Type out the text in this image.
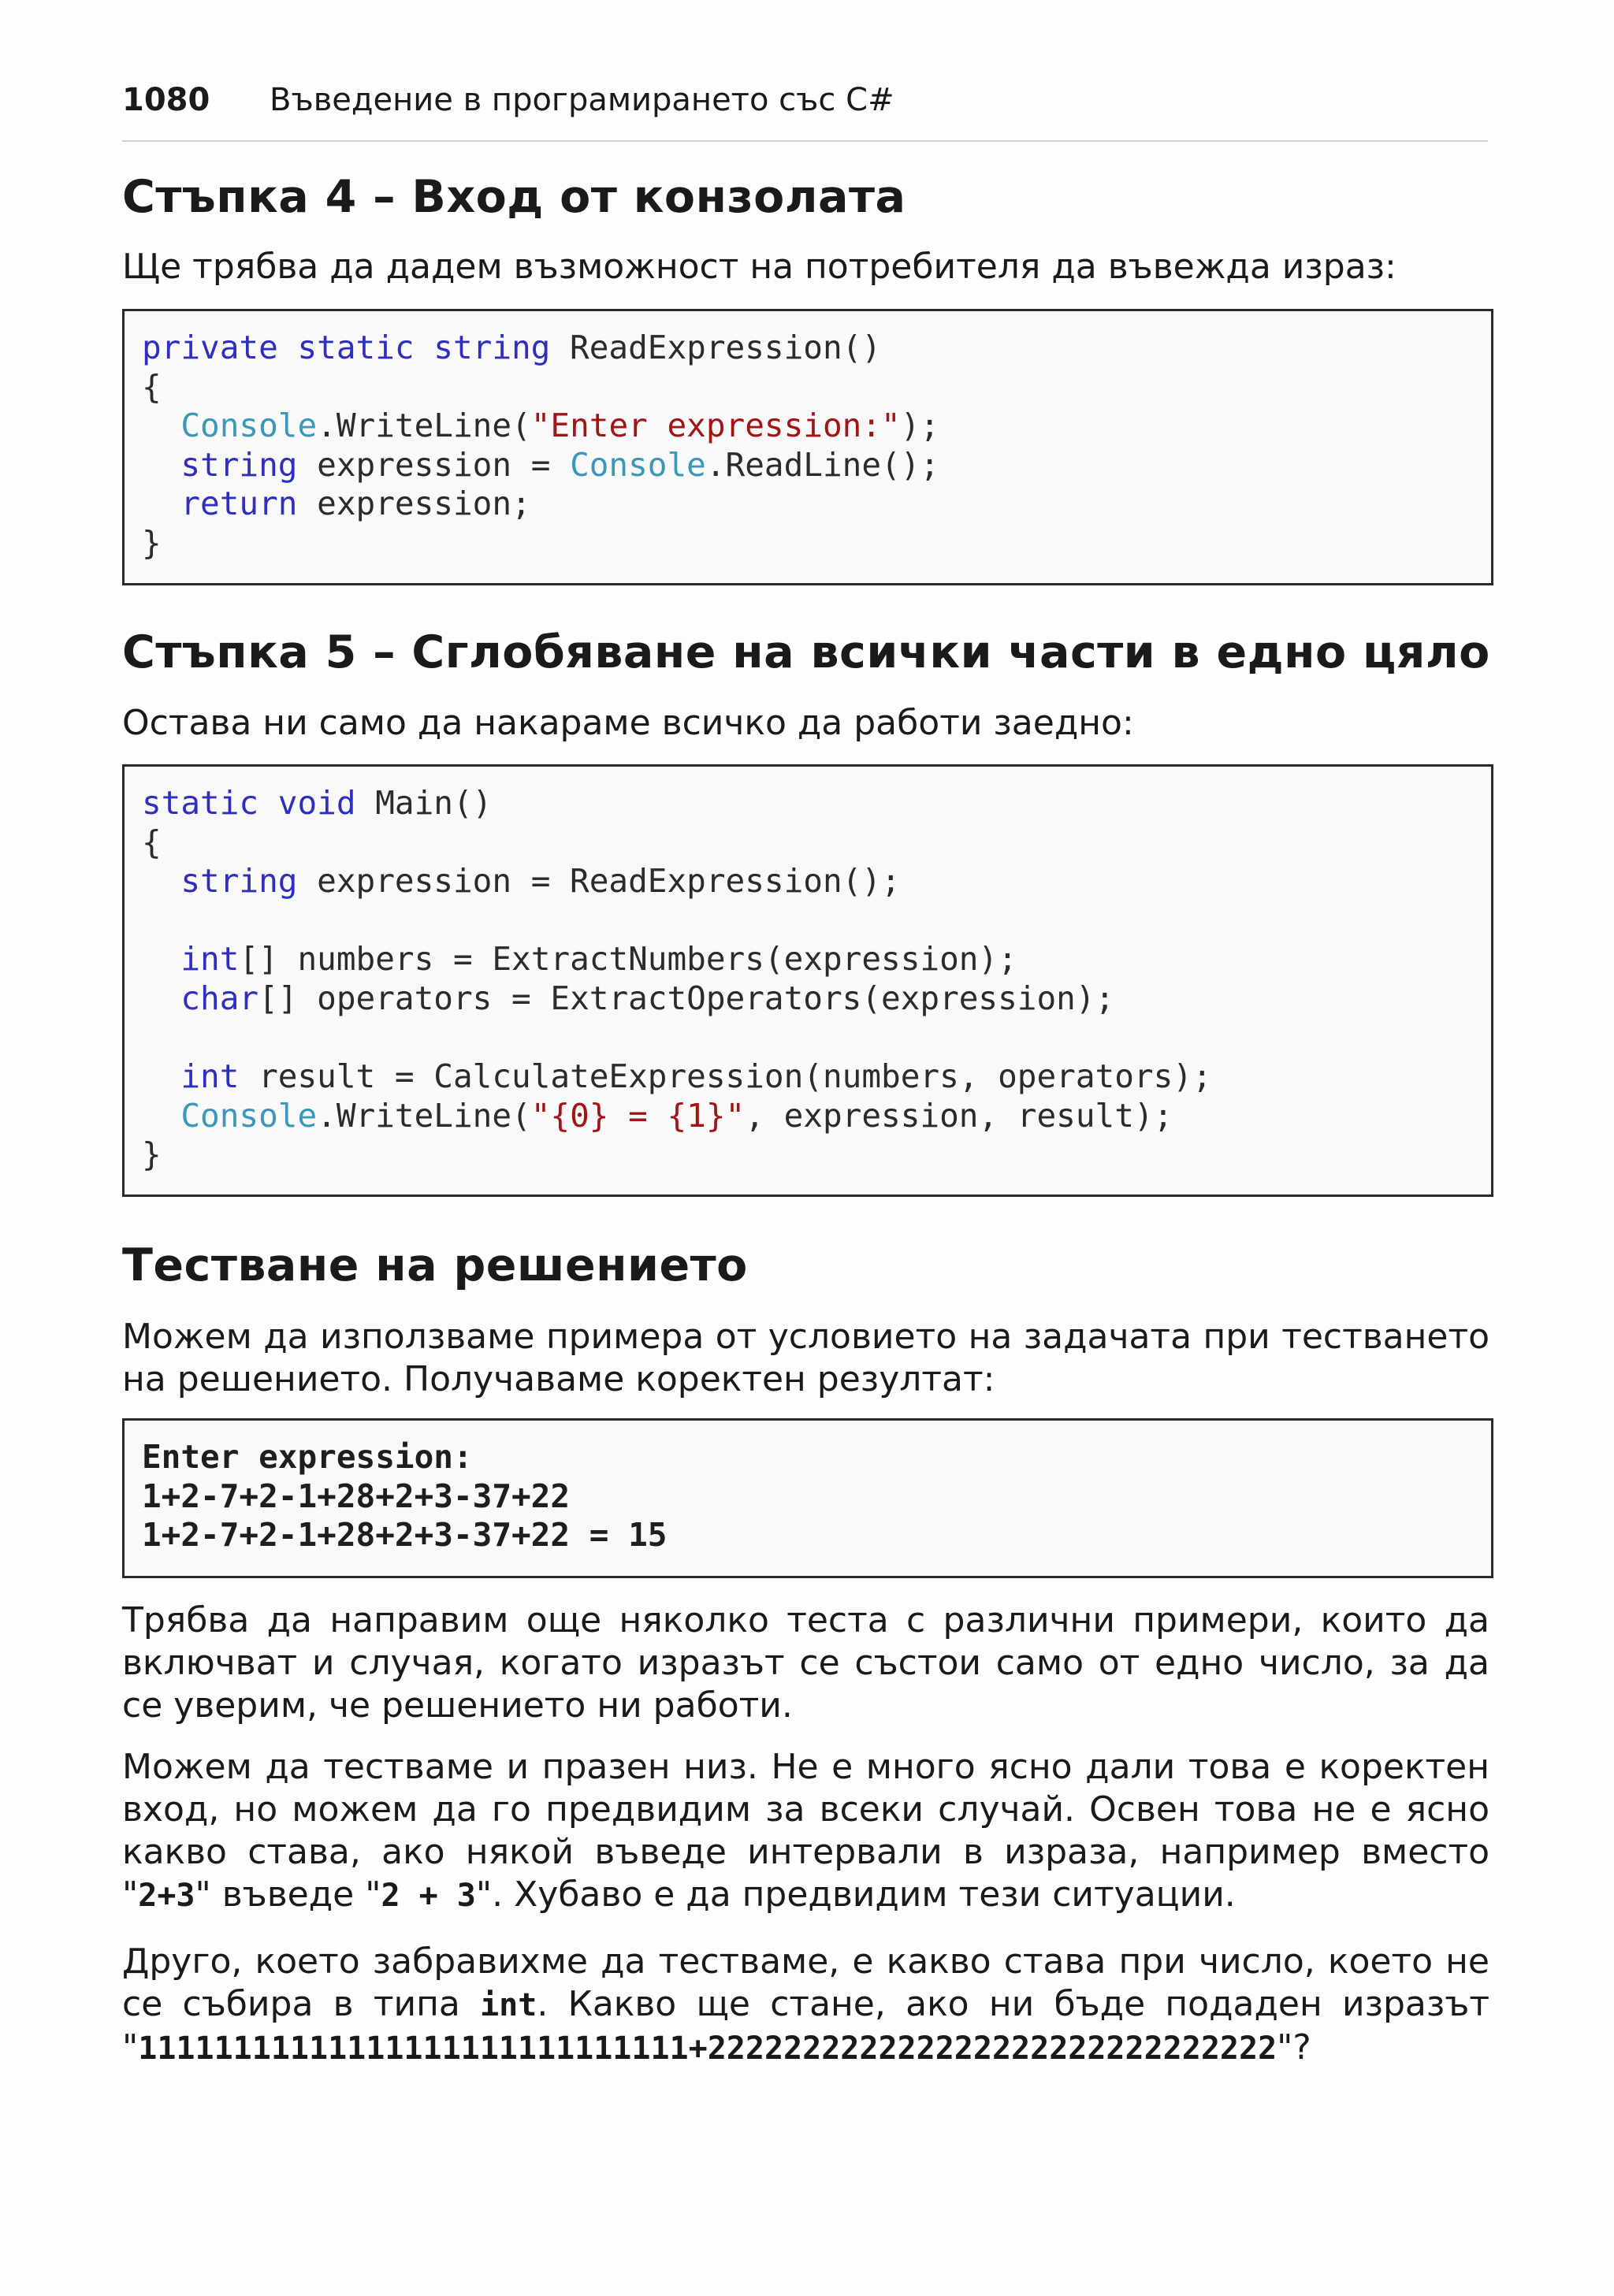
1080 Въведение в програмирането със C#
Стъпка 4 – Вход от конзолата
Ще трябва да дадем възможност на потребителя да въвежда израз:
private static string ReadExpression()
{
Console.WriteLine("Enter expression:");
string expression = Console.ReadLine();
return expression;
}
Стъпка 5 – Сглобяване на всички части в едно цяло
Остава ни само да накараме всичко да работи заедно:
static void Main()
{
string expression = ReadExpression();
int[] numbers = ExtractNumbers(expression);
char[] operators = ExtractOperators(expression);
int result = CalculateExpression(numbers, operators);
Console.WriteLine("{0} = {1}", expression, result);
}
Тестване на решението
Можем да използваме примера от условието на задачата при тестването на решението. Получаваме коректен резултат:
Enter expression:
1+2-7+2-1+28+2+3-37+22
1+2-7+2-1+28+2+3-37+22 = 15
Трябва да направим още няколко теста с различни примери, които да включват и случая, когато изразът се състои само от едно число, за да се уверим, че решението ни работи.
Можем да тестваме и празен низ. Не е много ясно дали това е коректен вход, но можем да го предвидим за всеки случай. Освен това не е ясно какво става, ако някой въведе интервали в израза, например вместо "2+3" въведе "2 + 3". Хубаво е да предвидим тези ситуации.
Друго, което забравихме да тестваме, е какво става при число, което не се събира в типа int. Какво ще стане, ако ни бъде подаден изразът "11111111111111111111111111111+222222222222222222222222222222"?
